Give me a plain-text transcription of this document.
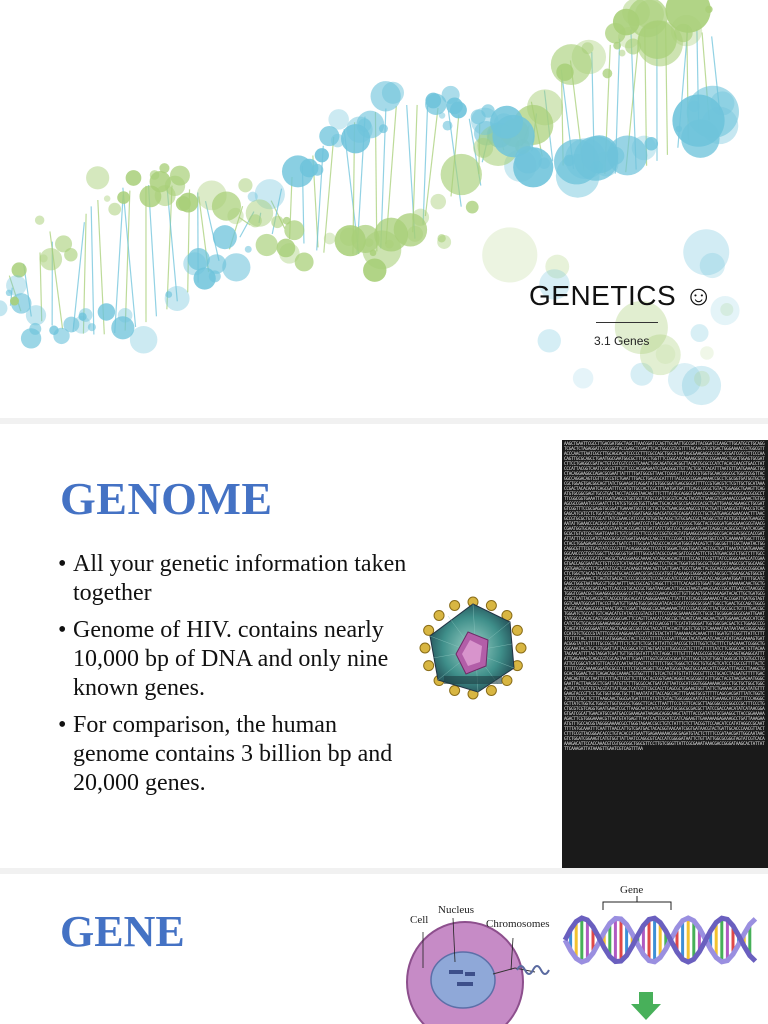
GENETICS ☺
3.1 Genes
GENOME
• All your genetic information taken together
• Genome of HIV. contains nearly 10,000 bp of DNA and only nine known genes.
• For comparison, the human genome contains 3 billion bp and 20,000 genes.
AAGCTGAATTCGCCTTGACGATGGCTAGCTTAACGGATCCAGTTGCAATTGCCGATTACGGATCCAAGCTTGCATGCCTGCAGGTCGACTCTAGAGGATCCCCGGGTACCGAGCTCGAATTCACTGGCCGTCGTTTTACAACGTCGTGACTGGGAAAACCCTGGCGTTACCCAACTTAATCGCCTTGCAGCACATCCCCCTTTCGCCAGCTGGCGTAATAGCGAAGAGGCCCGCACCGATCGCCCTTCCCAACAGTTGCGCAGCCTGAATGGCGAATGGCGCTTTGCCTGGTTTCCGGCACCAGAAGCGGTGCCGGAAAGCTGGCTGGAGTGCGATCTTCCTGAGGCCGATACTGTCGTCGTCCCCTCAAACTGGCAGATGCACGGTTACGATGCGCCCATCTACACCAACGTGACCTATCCCATTACGGTCAATCCGCCGTTTGTTCCCACGGAGAATCCGACGGGTTGTTACTCGCTCACATTTAATGTTGATGAAAGCTGGCTACAGGAAGGCCAGACGCGAATTATTTTTGATGGCGTTAACTCGGCGTTTCATCTGTGGTGCAACGGGCGCTGGGTCGGTTACGGCCAGGACAGTCGTTTGCCGTCTGAATTTGACCTGAGCGCATTTTTACGCGCCGGAGAAAACCGCCTCGCGGTGATGGTGCTGCGCTGGAGTGACGGCAGTTATCTGGAAGATCAGGATATGTGGCGGATGAGCGGCATTTTCCGTGACGTCTCGTTGCTGCATAAACCGACTACACAAATCAGCGATTTCCATGTTGCCACTCGCTTTAATGATGATTTCAGCCGCGCTGTACTGGAGGCTGAAGTTCAGATGTGCGGCGAGTTGCGTGACTACCTACGGGTAACAGTTTCTTTATGGCAGGGTGAAACGCAGGTCGCCAGCGGCACCGCGCCTTTCGGCGGTGAAATTATCGATGAGCGTGGTGGTTATGCCGATCGCGTCACACTACGTCTGAACGTCGAAAACCCGAAACTGTGGAGCGCCGAAATCCCGAATCTCTATCGTGCGGTGGTTGAACTGCACACCGCCGACGGCACGCTGATTGAAGCAGAAGCCTGCGATGTCGGTTTCCGCGAGGTGCGGATTGAAAATGGTCTGCTGCTGCTGAACGGCAAGCCGTTGCTGATTCGAGGCGTTAACCGTCACGAGCATCATCCTCTGCATGGTCAGGTCATGGATGAGCAGACGATGGTGCAGGATATCCTGCTGATGAAGCAGAACAACTTTAACGCCGTGCGCTGTTCGCATTATCCGAACCATCCGCTGTGGTACACGCTGTGCGACCGCTACGGCCTGTATGTGGTGGATGAAGCCAATATTGAAACCCACGGCATGGTGCCAATGAATCGTCTGACCGATGATCCGCGCTGGCTACCGGCGATGAGCGAACGCGTAACGCGAATGGTGCAGCGCGATCGTAATCACCCGAGTGTGATCATCTGGTCGCTGGGGAATGAATCAGGCCACGGCGCTAATCACGACGCGCTGTATCGCTGGATCAAATCTGTCGATCCTTCCCGCCCGGTGCAGTATGAAGGCGGCGGAGCCGACACCACGGCCACCGATATTATTTGCCCGATGTACGCGCGCGTGGATGAAGACCAGCCCTTCCCGGCTGTGCCGAAATGGTCCATCAAAAAATGGCTTTCGCTACCTGGAGAGACGCGCCCGCTGATCCTTTGCGAATACGCCCACGCGATGGGTAACAGTCTTGGCGGTTTCGCTAAATACTGGCAGGCGTTTCGTCAGTATCCCCGTTTACAGGGCGGCTTCGTCTGGGACTGGGTGGATCAGTCGCTGATTAAATATGATGAAAACGGCAACCCGTGGTCGGCTTACGGCGGTGATTTTGGCGATACGCCGAACGATCGCCAGTTCTGTATGAACGGTCTGGTCTTTGCCGACCGCACGCCGCATCCAGCGCTGACGGAAGCAAAACACCAGCAGCAGTTTTTCCAGTTCCGTTTATCCGGGCAAACCATCGAAGTGACCAGCGAATACCTGTTCCGTCATAGCGATAACGAGCTCCTGCACTGGATGGTGGCGCTGGATGGTAAGCCGCTGGCAAGCGGTGAAGTGCCTCTGGATGTCGCTCCACAAGGTAAACAGTTGATTGAACTGCCTGAACTACCGCAGCCGGAGAGCGCCGGGCAACTCTGGCTCACAGTACGCGTAGTGCAACCGAACGCGACCGCATGGTCAGAAGCCGGGCACATCAGCGCCTGGCAGCAGTGGCGTCTGGCGGAAAACCTCAGTGTGACGCTCCCCGCCGCGTCCCACGCCATCCCGCATCTGACCACCAGCGAAATGGATTTTTGCATCGAGCTGGGTAATAAGCGTTGGCAATTTAACCGCCAGTCAGGCTTTCTTTCACAGATGTGGATTGGCGATAAAAAACAACTGCTGACGCCGCTGCGCGATCAGTTCACCCGTGCACCGCTGGATAACGACATTGGCGTAAGTGAAGCGACCCGCATTGACCCTAACGCCTGGGTCGAACGCTGGAAGGCGGCGGGCCATTACCAGGCCGAAGCAGCGTTGTTGCAGTGCACGGCAGATACACTTGCTGATGCGGTGCTGATTACGACCGCTCACGCGTGGCAGCATCAGGGGAAAACCTTATTTATCAGCCGGAAAACCTACCGGATTGATGGTAGTGGTCAAATGGCGATTACCGTTGATGTTGAAGTGGCGAGCGATACACCGCATCCGGCGCGGATTGGCCTGAACTGCCAGCTGGCGCAGGTAGCAGAGCGGGTAAACTGGCTCGGATTAGGGCCGCAAGAAAACTATCCCGACCGCCTTACTGCCGCCTGTTTTGACCGCTGGGATCTGCCATTGTCAGACATGTATACCCCGTACGTCTTCCCGAGCGAAAACGGTCTGCGCTGCGGGACGCGCGAATTGAATTATGGCCCACACCAGTGGCGCGGCGACTTCCAGTTCAACATCAGCCGCTACAGTCAACAGCAACTGATGGAAACCAGCCATCGCCATCTGCTGCACGCGGAAGAAGGCACATGGCTGAATATCGACGGTTTCCATATGGGGATTGGTGGCGACGACTCCTGGAGCCCGTCAGTATCGGCGGAATTCCAGCTGAGCGCCGGTCGCTACCATTACCAGTTGGTCTGGTGTCAAAAATAATAATAACCGGGCAGGCCATGTCTGCCCGTATTTCGCGTAAGGAAATCCATTATGTACTATTTAAAAAACACAAACTTTTGGATGTTCGGTTTATTCTTTTTCTTTTACTTTTTTATCATGGGAGCCTACTTCCCGTTTTTCCCGATTTGGCTACATGACATCAACCATATCAGCAAAAGTGATACGGGTATTATTTTTGCCGCTATTTCTCTGTTCTCGCTATTATTCCAACCGCTGTTTGGTCTGCTTTCTGACAAACTCGGGCTGCGCAAATACCTGCTGTGGATTATTACCGGCATGTTAGTGATGTTTGCGCCGTTCTTTATTTTTATCTTCGGGCCACTGTTACAATACAACATTTTAGTAGGATCGATTGTTGGTGGTATTTATCTAGGCTTTTGTTTTAACGCCGGTGCGCCAGCAGTAGAGGCATTTATTGAGAAAGTCAGCCGTCGCAGTAATTTCGAATTTGGTCGCGCGCGGATGTTTGGCTGTGTTGGCTGGGCGCTGTGTGCCTCGATTGTCGGCATCATGTTCACCATCAATAATCAGTTTGTTTTCTGGCTGGGCTCTGGCTGTGCACTCATCCTCGCCGTTTTACTCTTTTTCGCCAAAACGGATGCGCCCTCTTCTGCCACGGTTGCCAATGCGGTAGGTGCCAACCATTCGGCATTTAGCCTTAAGCTGGCACTGGAACTGTTCAGACAGCCAAAACTGTGGTTTTTGTCACTGTATGTTATTGGCGTTTCCTGCACCTACGATGTTTTTGACCAACAGTTTGCTAATTTCTTTACTTCGTTCTTTGCTACCGGTGAACAGGGTACGCGGGTATTTGGCTACGTAACGACAATGGGCGAATTACTTAACGCCTCGATTATGTTCTTTGCGCCACTGATCATTAATCGCATCGGTGGGAAAAACGCCCTGCTGCTGGCTGGCACTATTATGTCTGTACGTATTATTGGCTCATCGTTCGCCACCTCAGCGCTGGAAGTGGTTATTCTGAAAACGCTGCATATGTTTGAAGTACCGTTCCTGCTGGTGGGCTGCTTTAAATATATTACCAGCCAGTTTGAAGTGCGTTTTTCAGCGACGATTTATCTGGTCTGTTTCTGCTTCTTTAAGCAACTGGCGATGATTTTTATGTCTGTACTGGCGGGCAATATGTATGAAAGCATCGGTTTCCAGGGCGCTTATCTGGTGCTGGGTCTGGTGGCGCTGGGCTTCACCTTAATTTCCGTGTTCACGCTTAGCGGCCCCGGCCCGCTTTCCCTGCTGCGTCGTCAGGTGAATGAAGTCGCTTAAGCAATCAATGTCGGATGCGGCGCGACGCTTATCCGACCAACATATCATAACGGAGTGATCGCATTGAACATGCCAATGACCGAAAGAATAAGAGCAGGCAAGCTATTTACCGATATGTGCGAAGGCTTACCGGAAAAAAGACTTCGTGGGAAAACGTTAATGTATGAGTTTAATCACTCGCATCCATCAGAAGTTGAAAAAAGAGAAAGCCTGATTAAAGAAATGTTTGCCACGGTAGGGGAAAACGCCTGGGTAGAACCGCCTGTCTATTTCTCTTACGGTTCCAACATCCATATAGGCCGCAATTTTTATGCAAATTTCAATTTAACCATTGTCGATGACTACACGGTAACAATCGGTGATAACGTACTGATTGCACCCAACGTTACTCTTTCCGTTACGGGACACCCTGTACACCATGAATTGAGAAAAAACGGCGAGATGTACTCTTTTCCGATAACGATTGGCAATAACGTCTGGATCGGAAGTCATGTGGTTATTAATCCAGGCGTCACCATCGGGGATAATTCTGTTATTGGCGCGGGTAGTATCGTCACAAAAGACATTCCACCAAACGTCGTGGCGGCTGGCGTTCCTTGTCGGGTTATTCGCGAAATAAACGACCGGGATAAGCACTATTATTTCAAAGATTATAAAGTTGAATCGTCAGTTTAA
GENE	Cell
Nucleus
Chromosomes
Gene
